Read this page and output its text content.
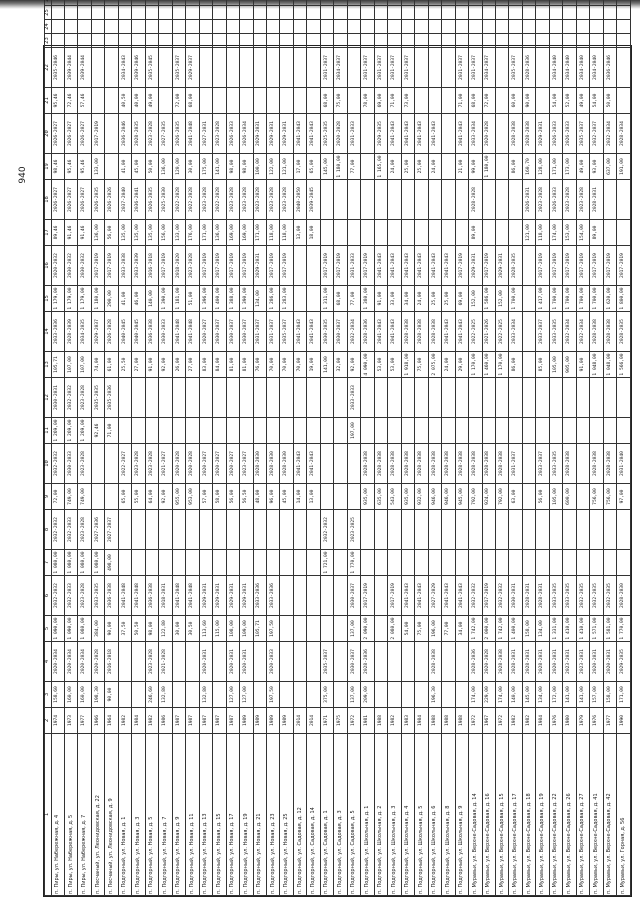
940
1	2	3	4	5	6	7	8	9	10	11	12	13	14	15	16	17	18	19	20	21	22	23	24	25	
п. Пиры, ул. Набережная, д. 4	1974	158,60	2020-2034	1 090,00	2032-2032	1 080,00	2032-2032	72,00	2032-2032	1 269,00	2030-2031	105,71	2033-2036	1 179,00	2020-2032	89,46	2026-2027	98,46	2026-2027	95,46	2035-2046				
п. Пиры, ул. Набережная, д. 5	1973	160,00	2020-2034	1 090,00	2032-2033	1 080,00	2032-2033	749,00	2030-2033	1 269,00	2032-2032	107,00	2028-2039	1 179,00	2030-2032	91,46	2026-2027	95,46	2026-2027	72,46	2039-2044				
п. Пиры, ул. Набережная, д. 7	1977	160,00	2020-2034	1 080,00	2023-2028	1 080,00	2023-2028	749,00	2023-2028	1 269,00	2023-2028	107,00	2034-2035	1 179,00	2030-2032	91,46	2026-2027	95,46	2026-2027	57,46	2039-2044				
п. Песчаный, ул. Леонидовская, д. 22	1966	198,30	2020-2028	384,00	2033-2035	1 080,00	2027-2036			92,46	2035-2035	74,00	2029-2037	1 180,00	2017-2019	136,00	2026-2035	133,00	2017-2019						
п. Песчаный, ул. Леонидовская, д. 9	1964	90,00	2016-2018	90,00	2036-2038	498,00	2027-2037			71,00	2035-2036	61,00	2026-2028	290,00	2017-2019	56,00	2026-2026								
п. Подгорный, ул. Новая, д. 1	1982			37,50	2041-2048			65,00	2022-2027			25,50	2040-2045	41,00	2033-2038	135,00	2037-2040	41,00	2036-2046	40,50	2034-2043				
п. Подгорный, ул. Новая, д. 3	1984			50,50	2041-2048			55,00	2023-2028			27,00	2040-2045	46,00	2033-2039	135,00	2036-2041	45,00	2028-2035	40,00	2039-2046				
п. Подгорный, ул. Новая, д. 5	1982	246,60	2023-2028	98,00	2036-2038			64,00	2023-2028			91,00	2036-2038	140,00	2016-2018	135,00	2026-2035	50,00	2023-2028	49,00	2035-2045				
п. Подгорный, ул. Новая, д. 7	1986	132,80	2021-2028	122,80	2018-2031			92,00	2021-2027			92,00	2030-2033	1 390,00	2017-2019	156,00	2025-2030	136,00	2027-2035						
п. Подгорный, ул. Новая, д. 9	1987			30,00	2041-2048			955,00	2020-2028			26,00	2041-2048	1 181,00	2018-2020	133,00	2022-2028	120,00	2026-2035	72,00	2035-2037				
п. Подгорный, ул. Новая, д. 11	1987			30,50	2041-2048			953,00	2020-2028			27,00	2041-2048	51,00	2023-2028	176,00	2022-2028	30,00	2041-2048	68,00	2029-2037				
п. Подгорный, ул. Новая, д. 13	1987	132,80	2020-2031	113,60	2029-2031			57,00	2020-2027			83,00	2020-2027	1 396,00	2017-2019	171,00	2023-2028	175,00	2027-2031						
п. Подгорный, ул. Новая, д. 15	1987			115,00	2029-2031			58,00	2020-2027			84,00	2030-2037	1 400,00	2017-2019	136,00	2022-2028	141,00	2023-2028						
п. Подгорный, ул. Новая, д. 17	1987	127,00	2020-2031	108,00	2029-2031			56,00	2020-2027			81,00	2030-2037	1 388,00	2017-2019	169,00	2023-2028	98,00	2026-2033						
п. Подгорный, ул. Новая, д. 19	1989	127,00	2020-2031	109,00	2029-2031			56,50	2023-2027			81,00	2030-2037	1 390,00	2017-2019	169,00	2023-2028	98,00	2026-2034						
п. Подгорный, ул. Новая, д. 21	1989			105,71	2033-2036			48,00	2028-2030			76,00	2031-2037	134,00	2029-2031	171,00	2023-2028	100,00	2029-2031						
п. Подгорный, ул. Новая, д. 23	1989	197,50	2020-2033	197,50	2033-2036			96,00	2028-2030			70,00	2031-2037	1 286,00	2017-2019	118,00	2023-2028	122,00	2029-2031						
п. Подгорный, ул. Новая, д. 25	1989							45,00	2028-2030			70,00	2035-2037	1 283,00	2017-2019	118,00	2023-2028	121,00	2029-2031						
п. Подгорный, ул. Садовая, д. 12	2014							14,00	2041-2043			70,00	2041-2043			13,00	2040-2050	17,00	2041-2043						
п. Подгорный, ул. Садовая, д. 14	2014							13,00	2041-2043			19,00	2041-2043			18,00	2039-2045	65,00	2041-2043						
п. Подгорный, ул. Садовая, д. 1	1971	375,00	2035-2037			1 721,00	2032-2032					141,00	2030-2035	1 311,00	2017-2019			145,00	2025-2035	68,00	2031-2037				
п. Подгорный, ул. Садовая, д. 3	1975											32,00	2030-2037	68,00	2017-2019			1 180,00	2020-2028	75,00	2034-2037				
п. Подгорный, ул. Садовая, д. 5	1972	137,00	2030-2037	137,00	2030-2037	1 770,00	2023-2025			197,00	2033-2033	92,00	2032-2034	77,00	2031-2033			77,00	2031-2033						
п. Подгорный, ул. Школьная, д. 1	1981	209,00	2028-2036	2 090,00	2017-2019			935,00	2028-2038			4 090,00	2028-2036	1 380,00	2017-2019					78,00	2031-2037				
п. Подгорный, ул. Школьная, д. 2	1988							635,00	2028-2038			53,00	2041-2043	91,00	2041-2043			1 165,00	2029-2035	69,00	2031-2037				
п. Подгорный, ул. Школьная, д. 3	1982			2 080,00	2017-2019			543,00	2028-2038			53,00	2041-2043	33,00	2041-2043			24,00	2041-2043	71,00	2031-2037				
п. Подгорный, ул. Школьная, д. 4	1983			54,00	2041-2043			935,00	2028-2038			1 918,00	2028-2038	34,00	2041-2043			25,00	2041-2043	73,00	2031-2037				
п. Подгорный, ул. Школьная, д. 5	1984			75,00	2041-2043			932,00	2028-2038			75,00	2028-2038	24,00	2041-2043			25,00	2041-2043						
п. Подгорный, ул. Школьная, д. 6	1988	196,30	2028-2038	196,00	2027-2029			946,00	2028-2038			2 075,00	2028-2038	25,00	2041-2043			24,00	2041-2043						
п. Подгорный, ул. Школьная, д. 8	1988			77,00	2041-2043			946,00	2028-2038			24,00	2041-2043	25,00	2041-2043										
п. Подгорный, ул. Школьная, д. 9	1988			34,00	2041-2043			945,00	2028-2038			29,00	2041-2043	69,00	2017-2019			21,00	2041-2043	71,00	2031-2037				
п. Муравьи, ул. Верхне-Садовая, д. 14	1972	174,00	2028-2036	1 742,00	2032-2032			792,00	2028-2038			1 170,00	2022-2025	152,00	2029-2031	89,00	2028-2028	99,00	2033-2034	68,00	2031-2037				
п. Муравьи, ул. Верхне-Садовая, д. 16	1967	229,00	2020-2028	2 000,00	2017-2019			924,00	2028-2038			1 460,00	2021-2026	1 586,00	2017-2019			1 180,00	2020-2028	72,00	2034-2037				
п. Муравьи, ул. Верхне-Садовая, д. 15	1972	174,00	2028-2038	1 742,00	2032-2032			792,00	2028-2038			1 170,00	2022-2025	152,00	2029-2031										
п. Муравьи, ул. Верхне-Садовая, д. 17	1982	140,00	2028-2031	1 400,00	2030-2031			63,00	2031-2037			86,00	2033-2034	1 700,00	2028-2035			86,00	2028-2038	60,00	2035-2037				
п. Муравьи, ул. Верхне-Садовая, д. 18	1982	145,00	2028-2031	158,00	2028-2031											121,00	2026-2031	160,70	2028-2038	90,00	2028-2036				
п. Муравьи, ул. Верхне-Садовая, д. 19	1984	134,00	2028-2031	134,00	2028-2031			56,00	2033-2037			85,00	2033-2037	1 417,00	2017-2019	118,00	2023-2028	128,00	2029-2031						
п. Муравьи, ул. Верхне-Садовая, д. 22	1976	172,00	2020-2031	1 331,00	2033-2035			105,00	2033-2035			105,00	2033-2035	1 700,00	2017-2019	174,00	2026-2033	171,00	2026-2033	54,00	2034-2040				
п. Муравьи, ул. Верхне-Садовая, д. 26	1980	141,00	2023-2031	1 410,00	2033-2035			600,00	2028-2038			905,00	2032-2034	1 700,00	2017-2019	153,00	2023-2028	173,00	2026-2033	52,00	2034-2040				
п. Муравьи, ул. Верхне-Садовая, д. 27	1979	141,00	2023-2031	1 410,00	2032-2035							91,00	2032-2034	1 700,00	2017-2019	154,00	2023-2028	49,00	2035-2037	49,00	2034-2040				
п. Муравьи, ул. Верхне-Садовая, д. 41	1976	157,00	2020-2031	1 571,00	2032-2035			756,00	2028-2038			1 048,00	2028-2038	1 700,00	2017-2019	89,00	2028-2031	93,00	2032-2037	54,00	2034-2040				
п. Муравьи, ул. Верхне-Садовая, д. 42	1977	158,00	2020-2031	1 581,00	2032-2035			756,00	2028-2038			1 048,00	2028-2038	1 620,00	2017-2019			637,00	2032-2034	50,00	2036-2046				
п. Муравьи, ул. Горная, д. 56	1990	171,00	2029-2035	1 770,00	2028-2030			97,00	2031-2040			1 566,00	2028-2035	1 800,00	2017-2019			191,00	2028-2034						
